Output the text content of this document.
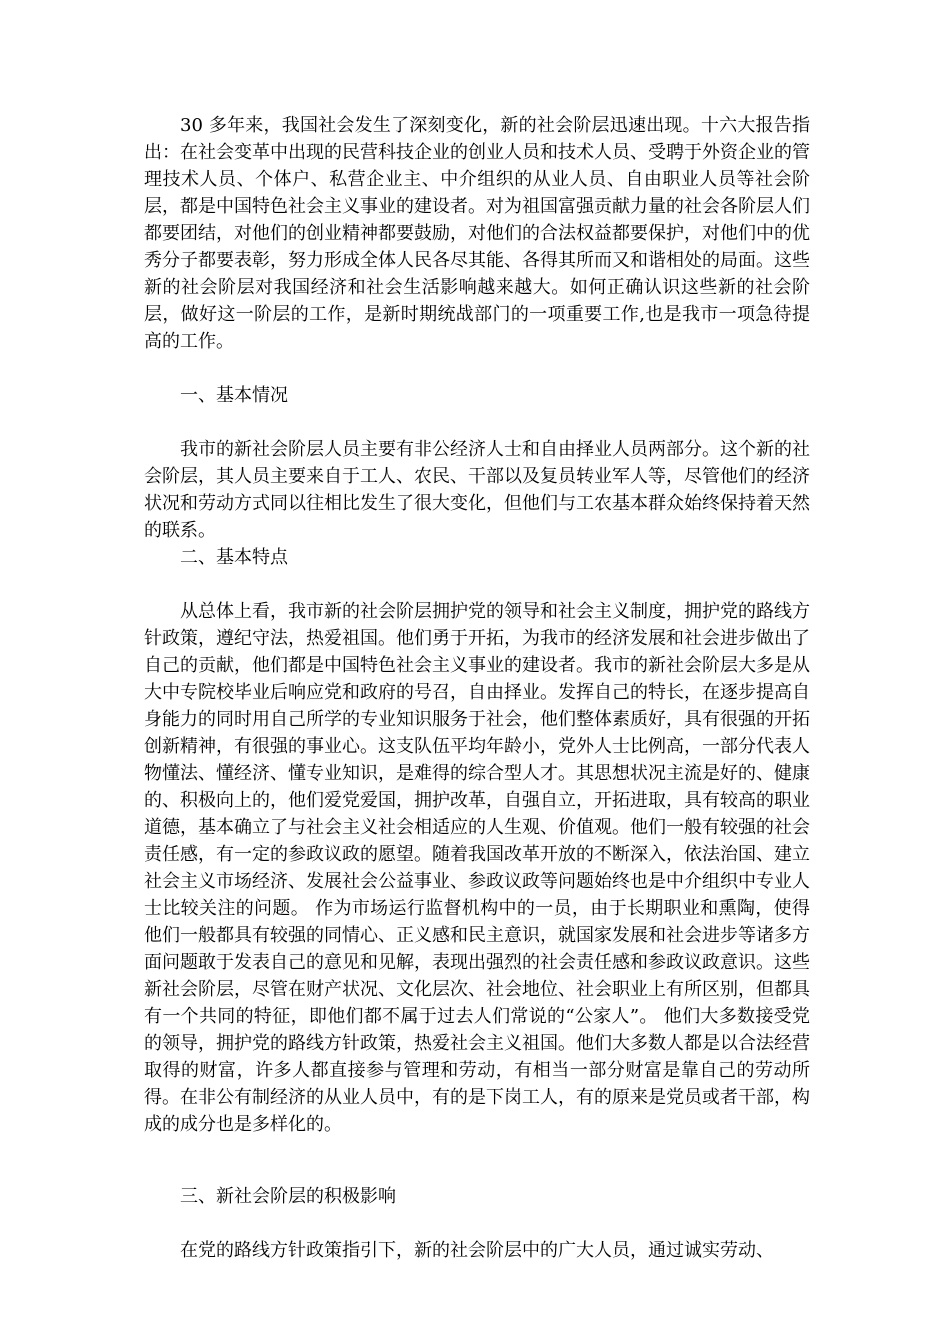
30 多年来，我国社会发生了深刻变化，新的社会阶层迅速出现。十六大报告指出：在社会变革中出现的民营科技企业的创业人员和技术人员、受聘于外资企业的管理技术人员、个体户、私营企业主、中介组织的从业人员、自由职业人员等社会阶层，都是中国特色社会主义事业的建设者。对为祖国富强贡献力量的社会各阶层人们都要团结，对他们的创业精神都要鼓励，对他们的合法权益都要保护，对他们中的优秀分子都要表彰，努力形成全体人民各尽其能、各得其所而又和谐相处的局面。这些新的社会阶层对我国经济和社会生活影响越来越大。如何正确认识这些新的社会阶层，做好这一阶层的工作，是新时期统战部门的一项重要工作,也是我市一项急待提高的工作。

一、基本情况

我市的新社会阶层人员主要有非公经济人士和自由择业人员两部分。这个新的社会阶层，其人员主要来自于工人、农民、干部以及复员转业军人等，尽管他们的经济状况和劳动方式同以往相比发生了很大变化，但他们与工农基本群众始终保持着天然的联系。

二、基本特点

从总体上看，我市新的社会阶层拥护党的领导和社会主义制度，拥护党的路线方针政策，遵纪守法，热爱祖国。他们勇于开拓，为我市的经济发展和社会进步做出了自己的贡献，他们都是中国特色社会主义事业的建设者。我市的新社会阶层大多是从大中专院校毕业后响应党和政府的号召，自由择业。发挥自己的特长，在逐步提高自身能力的同时用自己所学的专业知识服务于社会，他们整体素质好，具有很强的开拓创新精神，有很强的事业心。这支队伍平均年龄小，党外人士比例高，一部分代表人物懂法、懂经济、懂专业知识，是难得的综合型人才。其思想状况主流是好的、健康的、积极向上的，他们爱党爱国，拥护改革，自强自立，开拓进取，具有较高的职业道德，基本确立了与社会主义社会相适应的人生观、价值观。他们一般有较强的社会责任感，有一定的参政议政的愿望。随着我国改革开放的不断深入，依法治国、建立社会主义市场经济、发展社会公益事业、参政议政等问题始终也是中介组织中专业人士比较关注的问题。 作为市场运行监督机构中的一员，由于长期职业和熏陶，使得他们一般都具有较强的同情心、正义感和民主意识，就国家发展和社会进步等诸多方面问题敢于发表自己的意见和见解，表现出强烈的社会责任感和参政议政意识。这些新社会阶层，尽管在财产状况、文化层次、社会地位、社会职业上有所区别，但都具有一个共同的特征，即他们都不属于过去人们常说的“公家人”。 他们大多数接受党的领导，拥护党的路线方针政策，热爱社会主义祖国。他们大多数人都是以合法经营取得的财富，许多人都直接参与管理和劳动，有相当一部分财富是靠自己的劳动所得。在非公有制经济的从业人员中，有的是下岗工人，有的原来是党员或者干部，构成的成分也是多样化的。

三、新社会阶层的积极影响

在党的路线方针政策指引下，新的社会阶层中的广大人员，通过诚实劳动、
